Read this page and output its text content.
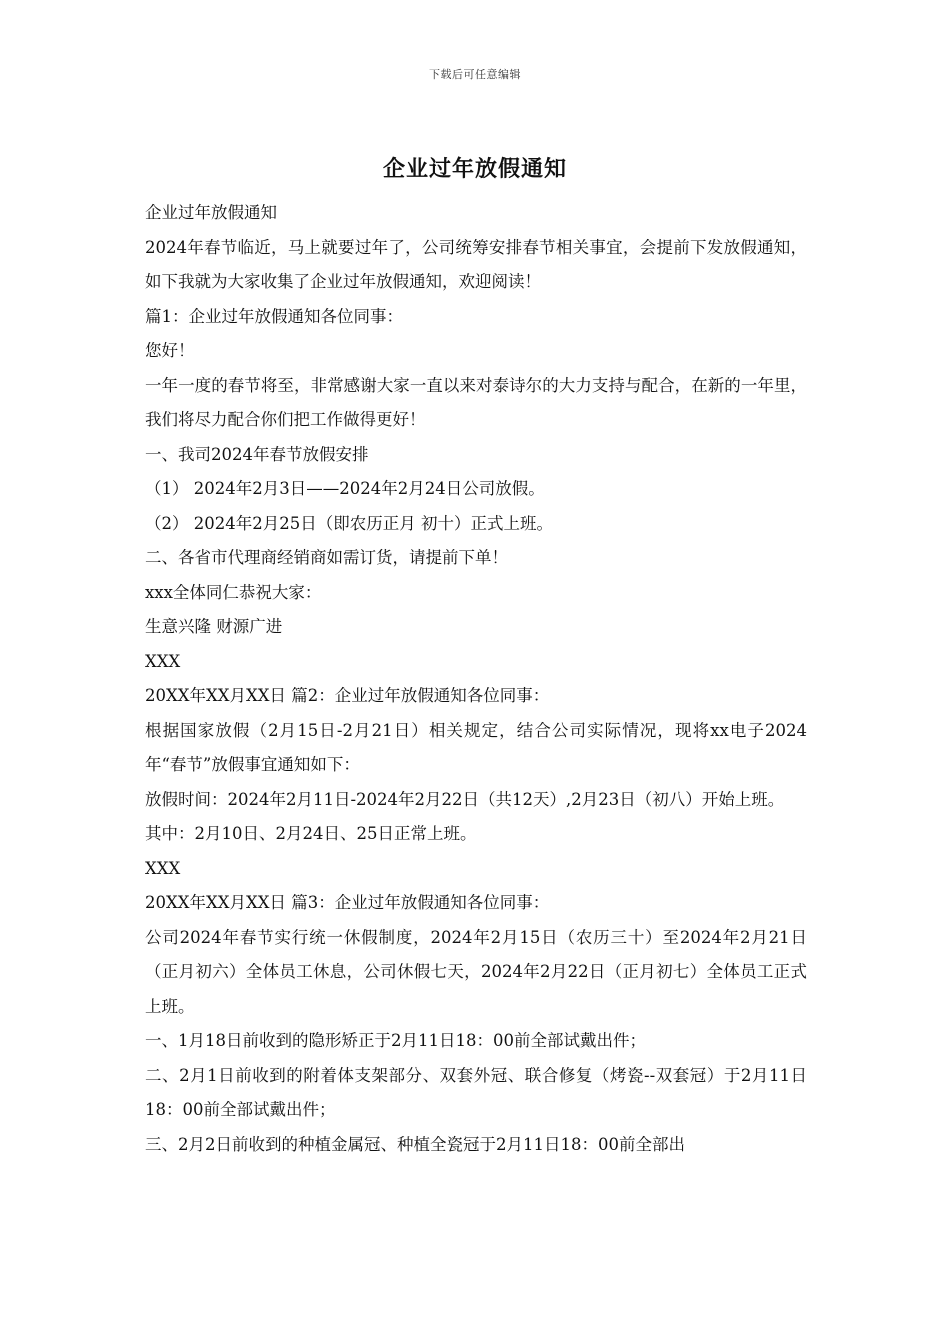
下载后可任意编辑
企业过年放假通知

企业过年放假通知

2024年春节临近，马上就要过年了，公司统筹安排春节相关事宜，会提前下发放假通知，如下我就为大家收集了企业过年放假通知，欢迎阅读！

篇1：企业过年放假通知各位同事：

您好！

一年一度的春节将至，非常感谢大家一直以来对泰诗尔的大力支持与配合，在新的一年里，我们将尽力配合你们把工作做得更好！

一、我司2024年春节放假安排

（1） 2024年2月3日——2024年2月24日公司放假。

（2） 2024年2月25日（即农历正月 初十）正式上班。

二、各省市代理商经销商如需订货，请提前下单！

xxx全体同仁恭祝大家：

生意兴隆 财源广进

XXX

20XX年XX月XX日 篇2：企业过年放假通知各位同事：

根据国家放假（2月15日-2月21日）相关规定，结合公司实际情况，现将xx电子2024年“春节”放假事宜通知如下：

放假时间：2024年2月11日-2024年2月22日（共12天）,2月23日（初八）开始上班。

其中：2月10日、2月24日、25日正常上班。

XXX

20XX年XX月XX日 篇3：企业过年放假通知各位同事：

公司2024年春节实行统一休假制度，2024年2月15日（农历三十）至2024年2月21日（正月初六）全体员工休息，公司休假七天，2024年2月22日（正月初七）全体员工正式上班。

一、1月18日前收到的隐形矫正于2月11日18：00前全部试戴出件；

二、2月1日前收到的附着体支架部分、双套外冠、联合修复（烤瓷--双套冠）于2月11日18：00前全部试戴出件；

三、2月2日前收到的种植金属冠、种植全瓷冠于2月11日18：00前全部出
